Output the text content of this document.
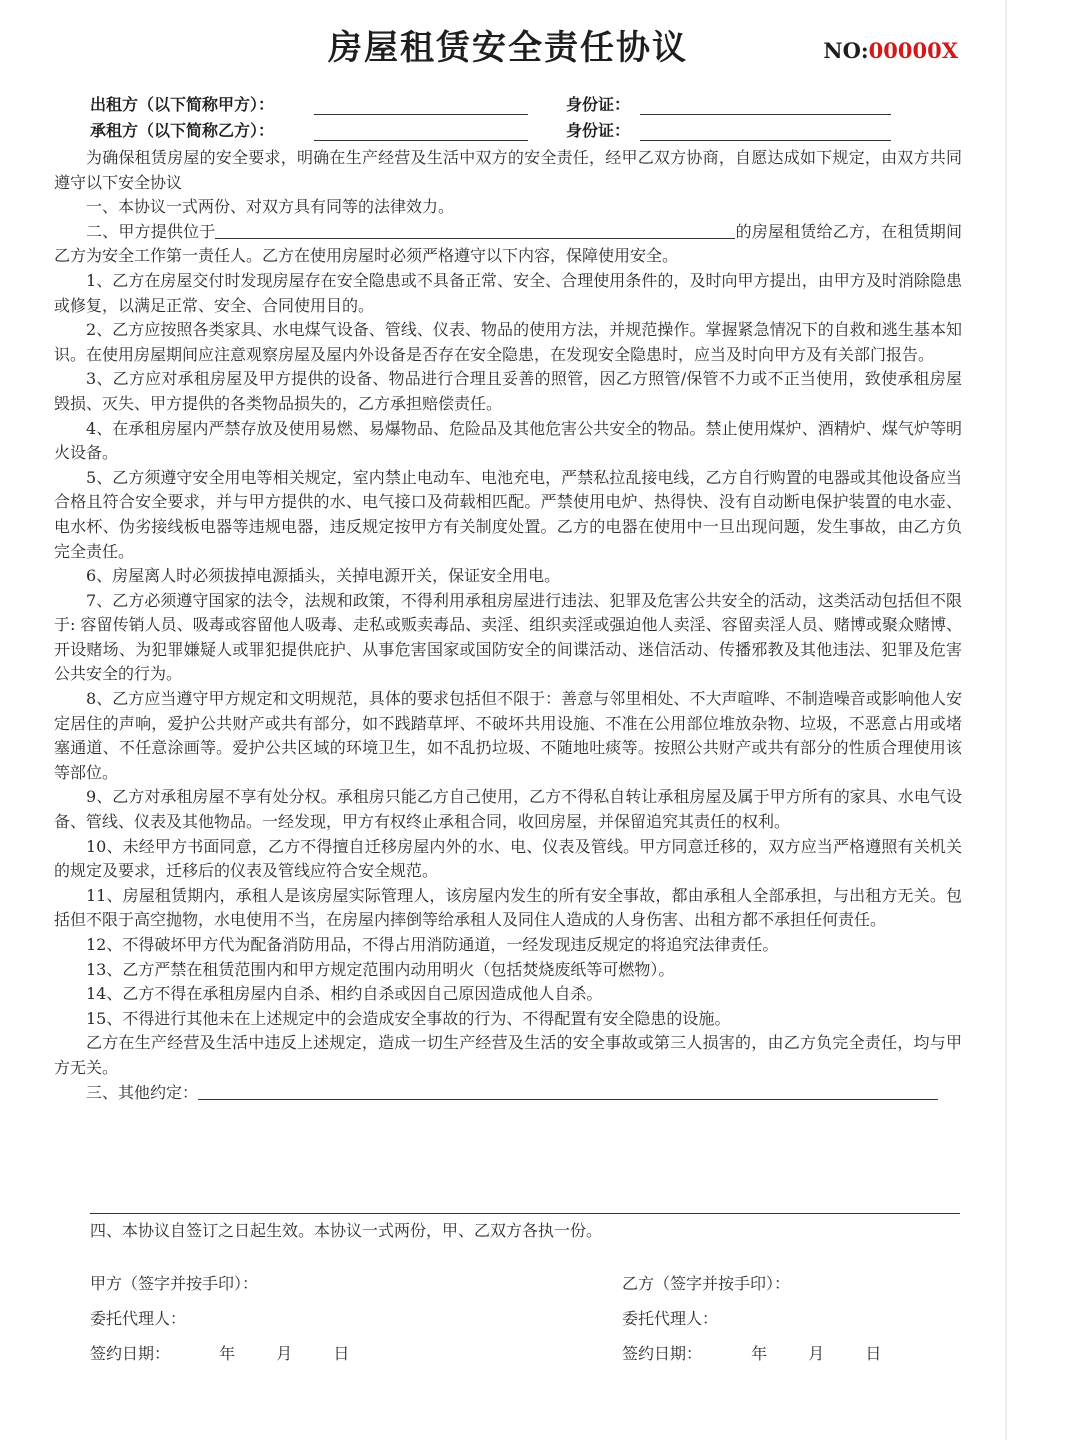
房屋租赁安全责任协议	NO:00000X
出租方（以下简称甲方）：	身份证：
承租方（以下简称乙方）：	身份证：

为确保租赁房屋的安全要求，明确在生产经营及生活中双方的安全责任，经甲乙双方协商，自愿达成如下规定，由双方共同遵守以下安全协议

一、本协议一式两份、对双方具有同等的法律效力。

二、甲方提供位于	的房屋租赁给乙方，在租赁期间乙方为安全工作第一责任人。乙方在使用房屋时必须严格遵守以下内容，保障使用安全。

1、乙方在房屋交付时发现房屋存在安全隐患或不具备正常、安全、合理使用条件的，及时向甲方提出，由甲方及时消除隐患或修复，以满足正常、安全、合同使用目的。

2、乙方应按照各类家具、水电煤气设备、管线、仪表、物品的使用方法，并规范操作。掌握紧急情况下的自救和逃生基本知识。在使用房屋期间应注意观察房屋及屋内外设备是否存在安全隐患，在发现安全隐患时，应当及时向甲方及有关部门报告。

3、乙方应对承租房屋及甲方提供的设备、物品进行合理且妥善的照管，因乙方照管/保管不力或不正当使用，致使承租房屋毁损、灭失、甲方提供的各类物品损失的，乙方承担赔偿责任。

4、在承租房屋内严禁存放及使用易燃、易爆物品、危险品及其他危害公共安全的物品。禁止使用煤炉、酒精炉、煤气炉等明火设备。

5、乙方须遵守安全用电等相关规定，室内禁止电动车、电池充电，严禁私拉乱接电线，乙方自行购置的电器或其他设备应当合格且符合安全要求，并与甲方提供的水、电气接口及荷载相匹配。严禁使用电炉、热得快、没有自动断电保护装置的电水壶、电水杯、伪劣接线板电器等违规电器，违反规定按甲方有关制度处置。乙方的电器在使用中一旦出现问题，发生事故，由乙方负完全责任。

6、房屋离人时必须拔掉电源插头，关掉电源开关，保证安全用电。

7、乙方必须遵守国家的法令，法规和政策，不得利用承租房屋进行违法、犯罪及危害公共安全的活动，这类活动包括但不限于: 容留传销人员、吸毒或容留他人吸毒、走私或贩卖毒品、卖淫、组织卖淫或强迫他人卖淫、容留卖淫人员、赌博或聚众赌博、开设赌场、为犯罪嫌疑人或罪犯提供庇护、从事危害国家或国防安全的间谍活动、迷信活动、传播邪教及其他违法、犯罪及危害公共安全的行为。

8、乙方应当遵守甲方规定和文明规范，具体的要求包括但不限于：善意与邻里相处、不大声喧哗、不制造噪音或影响他人安定居住的声响，爱护公共财产或共有部分，如不践踏草坪、不破坏共用设施、不准在公用部位堆放杂物、垃圾，不恶意占用或堵塞通道、不任意涂画等。爱护公共区域的环境卫生，如不乱扔垃圾、不随地吐痰等。按照公共财产或共有部分的性质合理使用该等部位。

9、乙方对承租房屋不享有处分权。承租房只能乙方自己使用，乙方不得私自转让承租房屋及属于甲方所有的家具、水电气设备、管线、仪表及其他物品。一经发现，甲方有权终止承租合同，收回房屋，并保留追究其责任的权利。

10、未经甲方书面同意，乙方不得擅自迁移房屋内外的水、电、仪表及管线。甲方同意迁移的，双方应当严格遵照有关机关的规定及要求，迁移后的仪表及管线应符合安全规范。

11、房屋租赁期内，承租人是该房屋实际管理人，该房屋内发生的所有安全事故，都由承租人全部承担，与出租方无关。包括但不限于高空抛物，水电使用不当，在房屋内摔倒等给承租人及同住人造成的人身伤害、出租方都不承担任何责任。

12、不得破坏甲方代为配备消防用品，不得占用消防通道，一经发现违反规定的将追究法律责任。

13、乙方严禁在租赁范围内和甲方规定范围内动用明火（包括焚烧废纸等可燃物）。

14、乙方不得在承租房屋内自杀、相约自杀或因自己原因造成他人自杀。

15、不得进行其他未在上述规定中的会造成安全事故的行为、不得配置有安全隐患的设施。

乙方在生产经营及生活中违反上述规定，造成一切生产经营及生活的安全事故或第三人损害的，由乙方负完全责任，均与甲方无关。

三、其他约定：

四、本协议自签订之日起生效。本协议一式两份，甲、乙双方各执一份。
甲方（签字并按手印）：
委托代理人：
签约日期：	年	月	日
乙方（签字并按手印）：
委托代理人：
签约日期：	年	月	日
